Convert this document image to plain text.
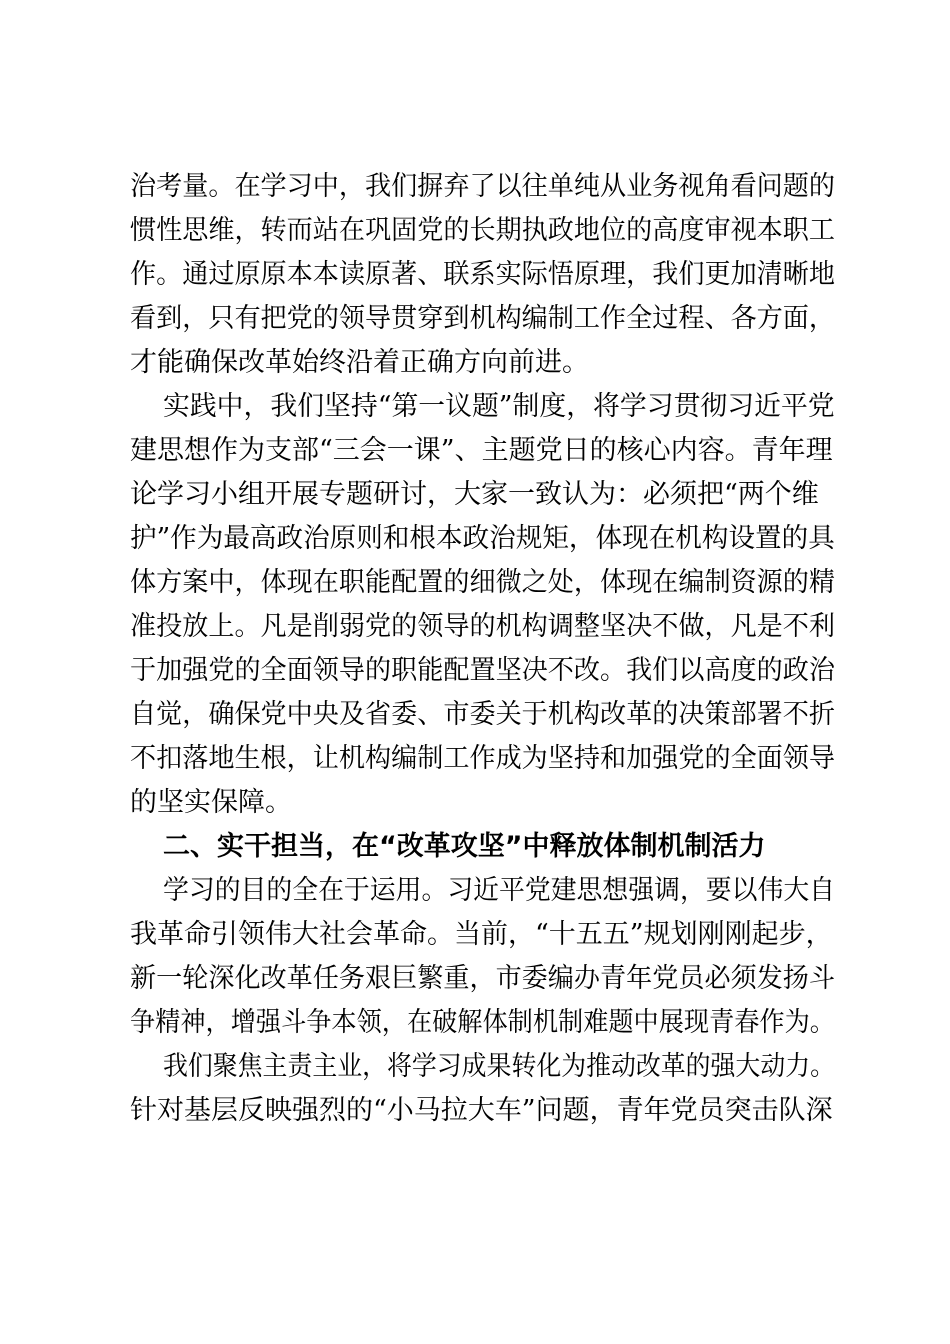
治考量。在学习中，我们摒弃了以往单纯从业务视角看问题的
惯性思维，转而站在巩固党的长期执政地位的高度审视本职工
作。通过原原本本读原著、联系实际悟原理，我们更加清晰地
看到，只有把党的领导贯穿到机构编制工作全过程、各方面，
才能确保改革始终沿着正确方向前进。
实践中，我们坚持“第一议题”制度，将学习贯彻习近平党
建思想作为支部“三会一课”、主题党日的核心内容。青年理
论学习小组开展专题研讨，大家一致认为：必须把“两个维
护”作为最高政治原则和根本政治规矩，体现在机构设置的具
体方案中，体现在职能配置的细微之处，体现在编制资源的精
准投放上。凡是削弱党的领导的机构调整坚决不做，凡是不利
于加强党的全面领导的职能配置坚决不改。我们以高度的政治
自觉，确保党中央及省委、市委关于机构改革的决策部署不折
不扣落地生根，让机构编制工作成为坚持和加强党的全面领导
的坚实保障。
二、实干担当，在“改革攻坚”中释放体制机制活力
学习的目的全在于运用。习近平党建思想强调，要以伟大自
我革命引领伟大社会革命。当前，“十五五”规划刚刚起步，
新一轮深化改革任务艰巨繁重，市委编办青年党员必须发扬斗
争精神，增强斗争本领，在破解体制机制难题中展现青春作为。
我们聚焦主责主业，将学习成果转化为推动改革的强大动力。
针对基层反映强烈的“小马拉大车”问题，青年党员突击队深
